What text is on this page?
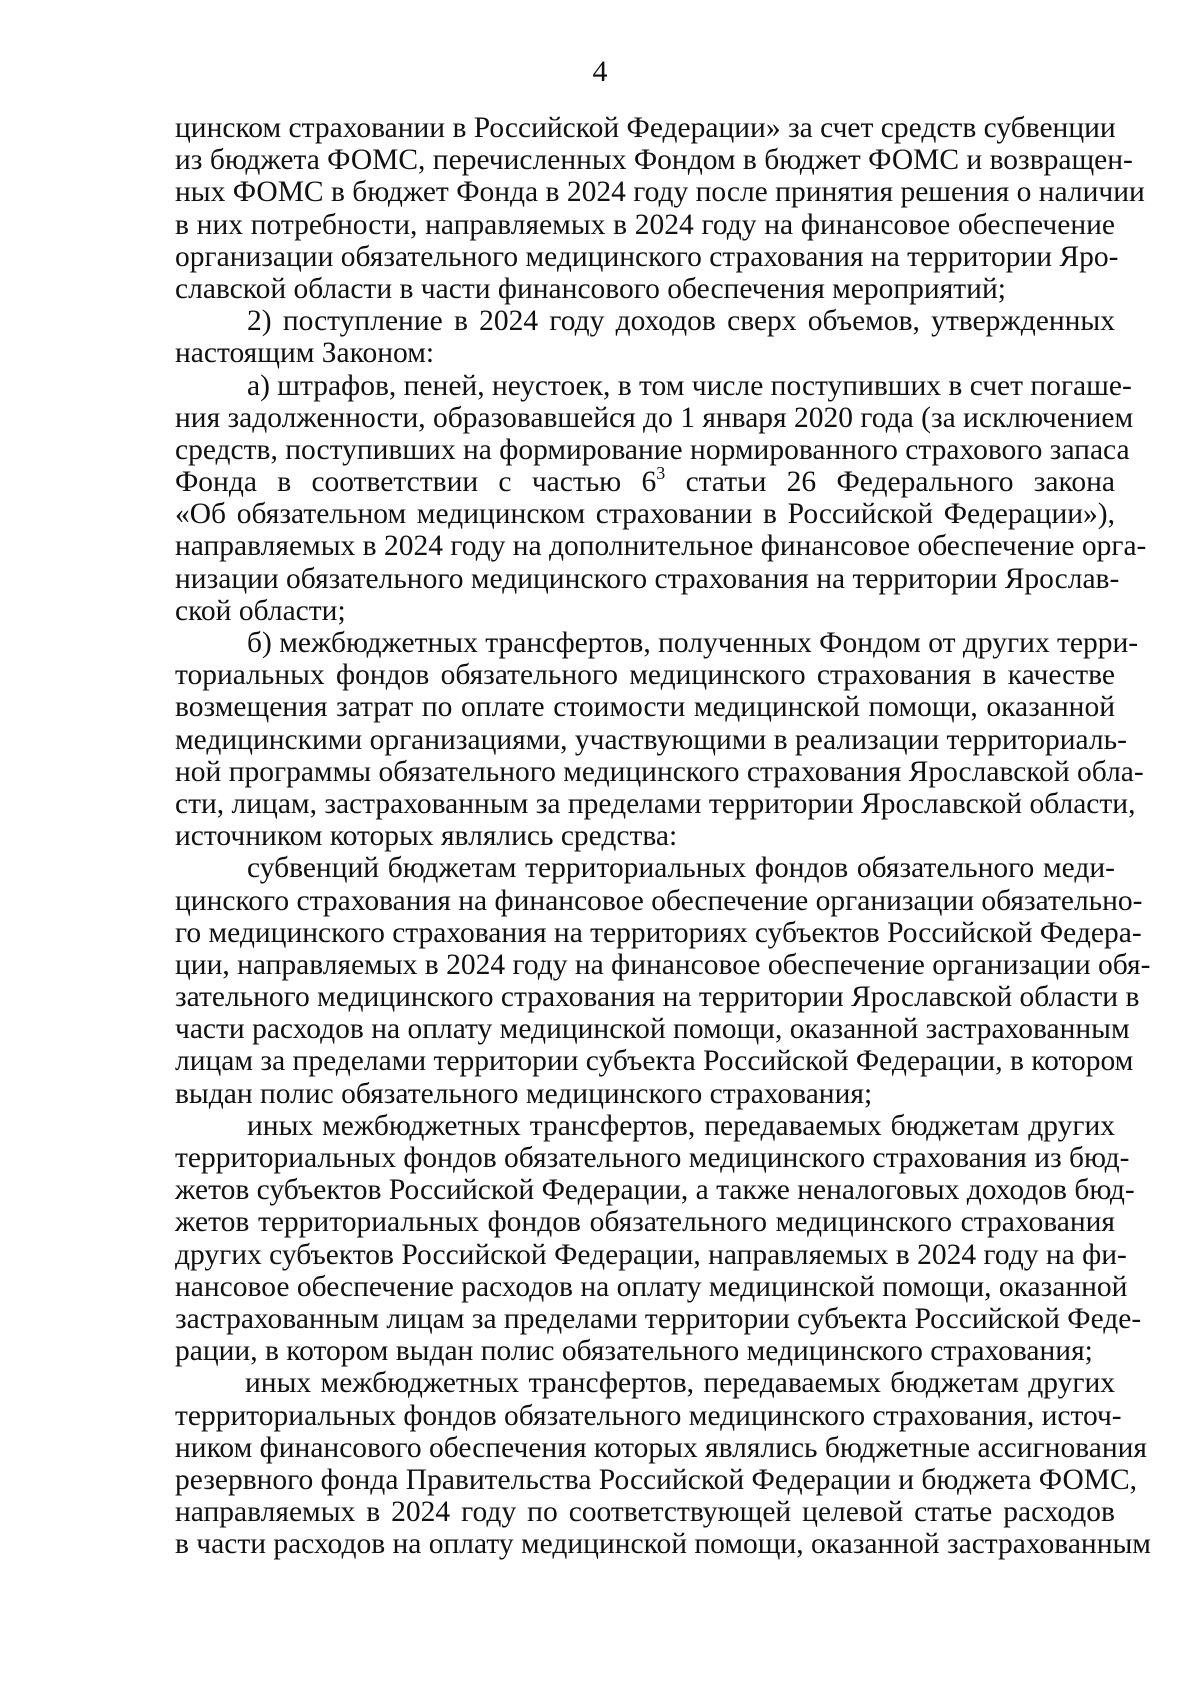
4
цинском страховании в Российской Федерации» за счет средств субвенции
из бюджета ФОМС, перечисленных Фондом в бюджет ФОМС и возвращен-
ных ФОМС в бюджет Фонда в 2024 году после принятия решения о наличии
в них потребности, направляемых в 2024 году на финансовое обеспечение
организации обязательного медицинского страхования на территории Яро-
славской области в части финансового обеспечения мероприятий;
2) поступление в 2024 году доходов сверх объемов, утвержденных
настоящим Законом:
а) штрафов, пеней, неустоек, в том числе поступивших в счет погаше-
ния задолженности, образовавшейся до 1 января 2020 года (за исключением
средств, поступивших на формирование нормированного страхового запаса
Фонда в соответствии с частью $6^3$ статьи 26 Федерального закона
«Об обязательном медицинском страховании в Российской Федерации»),
направляемых в 2024 году на дополнительное финансовое обеспечение орга-
низации обязательного медицинского страхования на территории Ярослав-
ской области;
б) межбюджетных трансфертов, полученных Фондом от других терри-
ториальных фондов обязательного медицинского страхования в качестве
возмещения затрат по оплате стоимости медицинской помощи, оказанной
медицинскими организациями, участвующими в реализации территориаль-
ной программы обязательного медицинского страхования Ярославской обла-
сти, лицам, застрахованным за пределами территории Ярославской области,
источником которых являлись средства:
субвенций бюджетам территориальных фондов обязательного меди-
цинского страхования на финансовое обеспечение организации обязательно-
го медицинского страхования на территориях субъектов Российской Федера-
ции, направляемых в 2024 году на финансовое обеспечение организации обя-
зательного медицинского страхования на территории Ярославской области в
части расходов на оплату медицинской помощи, оказанной застрахованным
лицам за пределами территории субъекта Российской Федерации, в котором
выдан полис обязательного медицинского страхования;
иных межбюджетных трансфертов, передаваемых бюджетам других
территориальных фондов обязательного медицинского страхования из бюд-
жетов субъектов Российской Федерации, а также неналоговых доходов бюд-
жетов территориальных фондов обязательного медицинского страхования
других субъектов Российской Федерации, направляемых в 2024 году на фи-
нансовое обеспечение расходов на оплату медицинской помощи, оказанной
застрахованным лицам за пределами территории субъекта Российской Феде-
рации, в котором выдан полис обязательного медицинского страхования;
иных межбюджетных трансфертов, передаваемых бюджетам других
территориальных фондов обязательного медицинского страхования, источ-
ником финансового обеспечения которых являлись бюджетные ассигнования
резервного фонда Правительства Российской Федерации и бюджета ФОМС,
направляемых в 2024 году по соответствующей целевой статье расходов
в части расходов на оплату медицинской помощи, оказанной застрахованным
